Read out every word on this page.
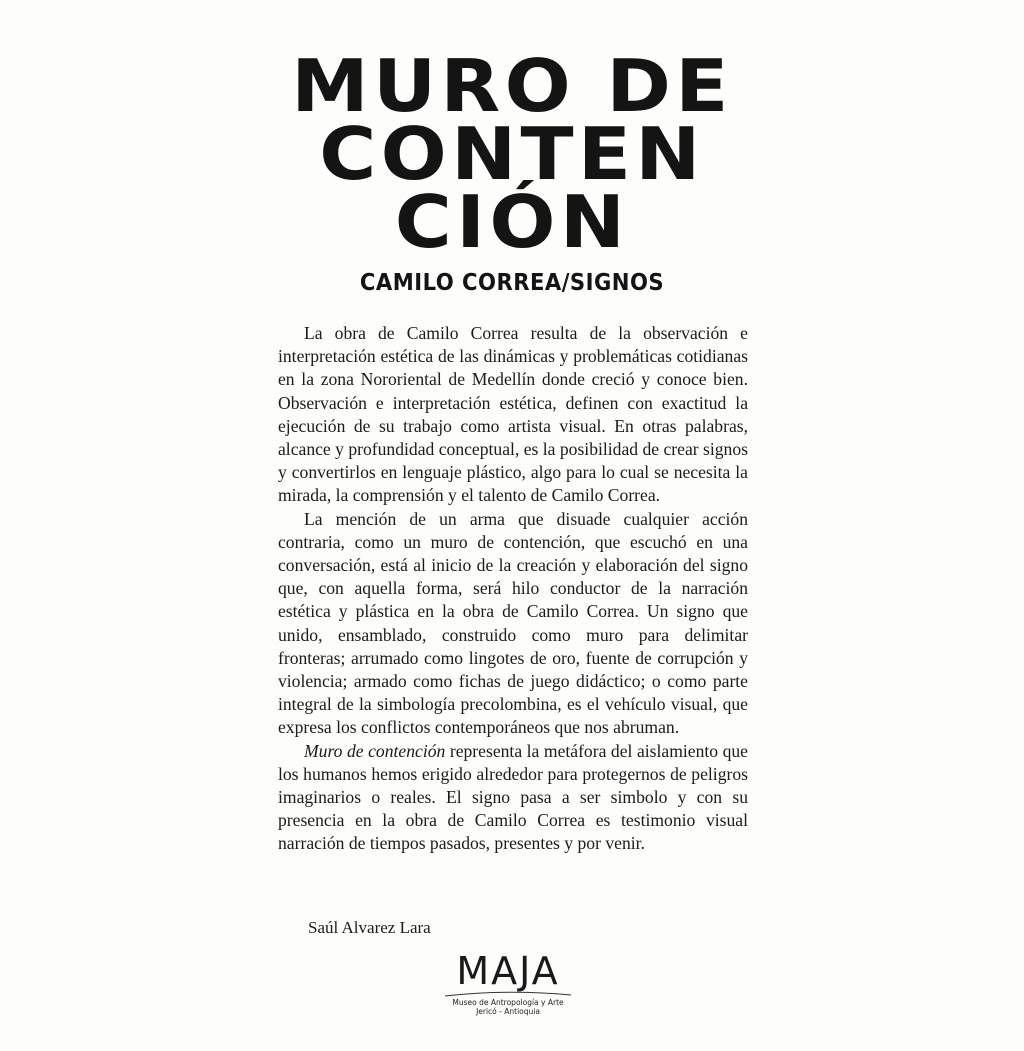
MURO DE
CONTEN
CIÓN
CAMILO CORREA/SIGNOS

La obra de Camilo Correa resulta de la observación e interpretación estética de las dinámicas y problemáticas cotidianas en la zona Nororiental de Medellín donde creció y conoce bien. Observación e interpretación estética, definen con exactitud la ejecución de su trabajo como artista visual. En otras palabras, alcance y profundidad conceptual, es la posibilidad de crear signos y convertirlos en lenguaje plástico, algo para lo cual se necesita la mirada, la comprensión y el talento de Camilo Correa.

La mención de un arma que disuade cualquier acción contraria, como un muro de contención, que escuchó en una conversación, está al inicio de la creación y elaboración del signo que, con aquella forma, será hilo conductor de la narración estética y plástica en la obra de Camilo Correa. Un signo que unido, ensamblado, construido como muro para delimitar fronteras; arrumado como lingotes de oro, fuente de corrupción y violencia; armado como fichas de juego didáctico; o como parte integral de la simbología precolombina, es el vehículo visual, que expresa los conflictos contemporáneos que nos abruman.

Muro de contención representa la metáfora del aislamiento que los humanos hemos erigido alrededor para protegernos de peligros imaginarios o reales. El signo pasa a ser simbolo y con su presencia en la obra de Camilo Correa es testimonio visual narración de tiempos pasados, presentes y por venir.

Saúl Alvarez Lara
MAJA
Museo de Antropología y Arte
Jericó - Antioquia
